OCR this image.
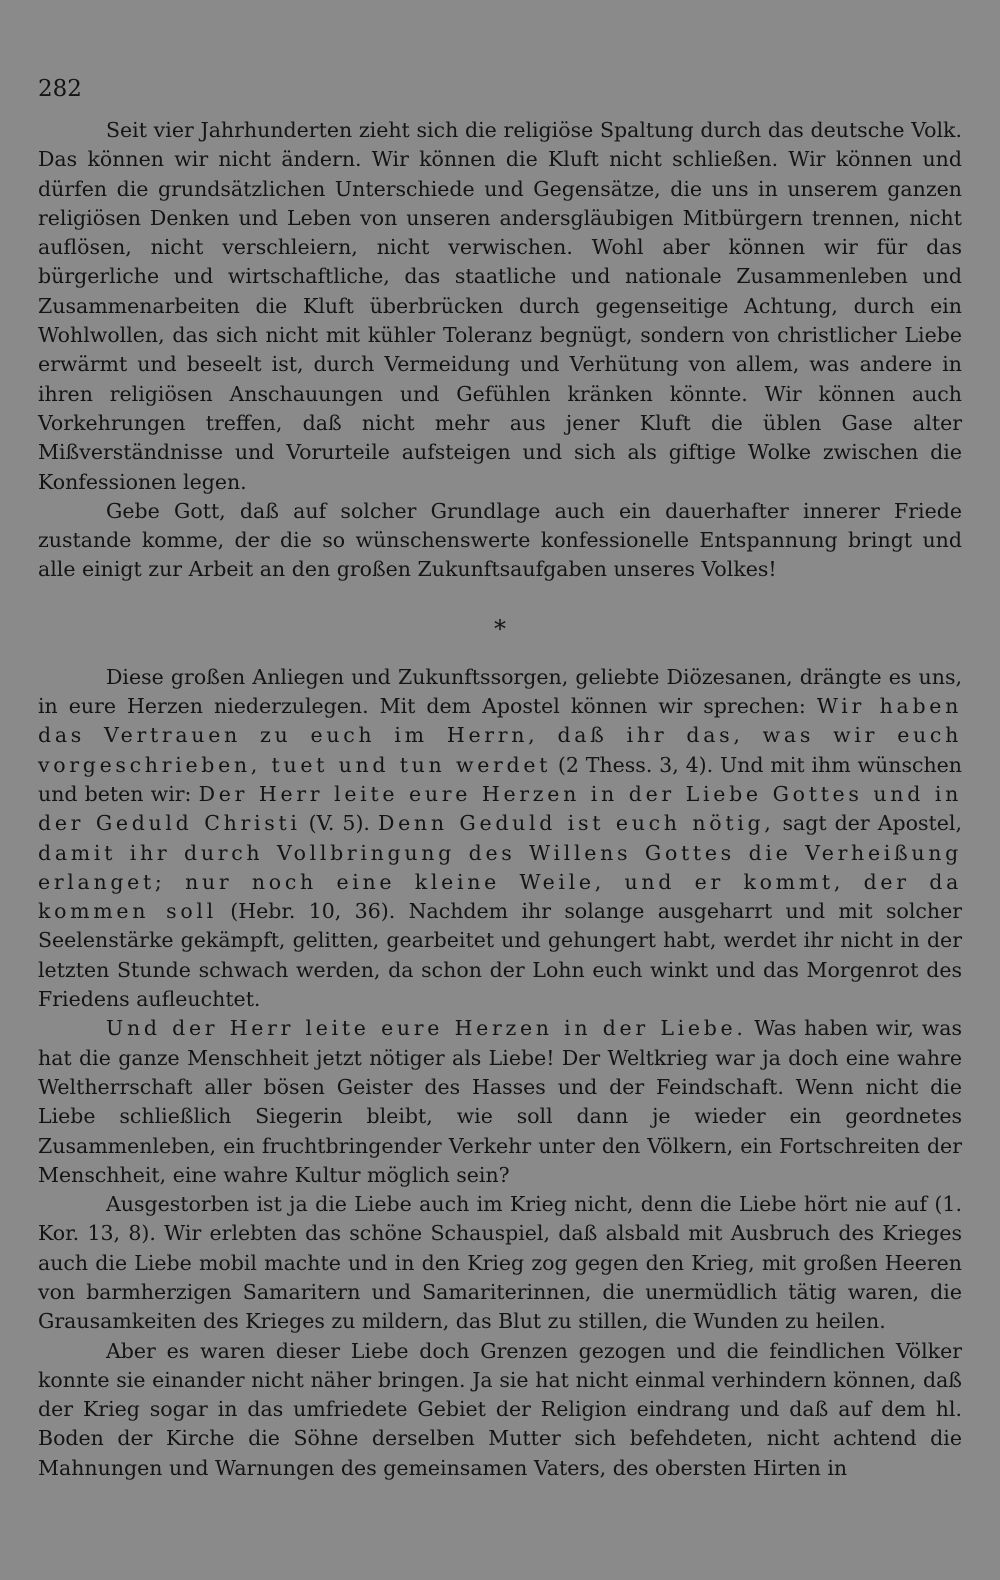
282

Seit vier Jahrhunderten zieht sich die religiöse Spaltung durch das deutsche Volk. Das können wir nicht ändern. Wir können die Kluft nicht schließen. Wir können und dürfen die grundsätzlichen Unterschiede und Gegensätze, die uns in unserem ganzen religiösen Denken und Leben von unseren andersgläubigen Mitbürgern trennen, nicht auflösen, nicht verschleiern, nicht verwischen. Wohl aber können wir für das bürgerliche und wirtschaftliche, das staatliche und nationale Zusammenleben und Zusammenarbeiten die Kluft überbrücken durch gegenseitige Achtung, durch ein Wohlwollen, das sich nicht mit kühler Toleranz begnügt, sondern von christlicher Liebe erwärmt und beseelt ist, durch Vermeidung und Verhütung von allem, was andere in ihren religiösen Anschauungen und Gefühlen kränken könnte. Wir können auch Vorkehrungen treffen, daß nicht mehr aus jener Kluft die üblen Gase alter Mißverständnisse und Vorurteile aufsteigen und sich als giftige Wolke zwischen die Konfessionen legen.

Gebe Gott, daß auf solcher Grundlage auch ein dauerhafter innerer Friede zustande komme, der die so wünschenswerte konfessionelle Entspannung bringt und alle einigt zur Arbeit an den großen Zukunftsaufgaben unseres Volkes!

*

Diese großen Anliegen und Zukunftssorgen, geliebte Diözesanen, drängte es uns, in eure Herzen niederzulegen. Mit dem Apostel können wir sprechen: Wir haben das Vertrauen zu euch im Herrn, daß ihr das, was wir euch vorgeschrieben, tuet und tun werdet (2 Thess. 3, 4). Und mit ihm wünschen und beten wir: Der Herr leite eure Herzen in der Liebe Gottes und in der Geduld Christi (V. 5). Denn Geduld ist euch nötig, sagt der Apostel, damit ihr durch Vollbringung des Willens Gottes die Verheißung erlanget; nur noch eine kleine Weile, und er kommt, der da kommen soll (Hebr. 10, 36). Nachdem ihr solange ausgeharrt und mit solcher Seelenstärke gekämpft, gelitten, gearbeitet und gehungert habt, werdet ihr nicht in der letzten Stunde schwach werden, da schon der Lohn euch winkt und das Morgenrot des Friedens aufleuchtet.

Und der Herr leite eure Herzen in der Liebe. Was haben wir, was hat die ganze Menschheit jetzt nötiger als Liebe! Der Weltkrieg war ja doch eine wahre Weltherrschaft aller bösen Geister des Hasses und der Feindschaft. Wenn nicht die Liebe schließlich Siegerin bleibt, wie soll dann je wieder ein geordnetes Zusammenleben, ein fruchtbringender Verkehr unter den Völkern, ein Fortschreiten der Menschheit, eine wahre Kultur möglich sein?

Ausgestorben ist ja die Liebe auch im Krieg nicht, denn die Liebe hört nie auf (1. Kor. 13, 8). Wir erlebten das schöne Schauspiel, daß alsbald mit Ausbruch des Krieges auch die Liebe mobil machte und in den Krieg zog gegen den Krieg, mit großen Heeren von barmherzigen Samaritern und Samariterinnen, die unermüdlich tätig waren, die Grausamkeiten des Krieges zu mildern, das Blut zu stillen, die Wunden zu heilen.

Aber es waren dieser Liebe doch Grenzen gezogen und die feindlichen Völker konnte sie einander nicht näher bringen. Ja sie hat nicht einmal verhindern können, daß der Krieg sogar in das umfriedete Gebiet der Religion eindrang und daß auf dem hl. Boden der Kirche die Söhne derselben Mutter sich befehdeten, nicht achtend die Mahnungen und Warnungen des gemeinsamen Vaters, des obersten Hirten in
